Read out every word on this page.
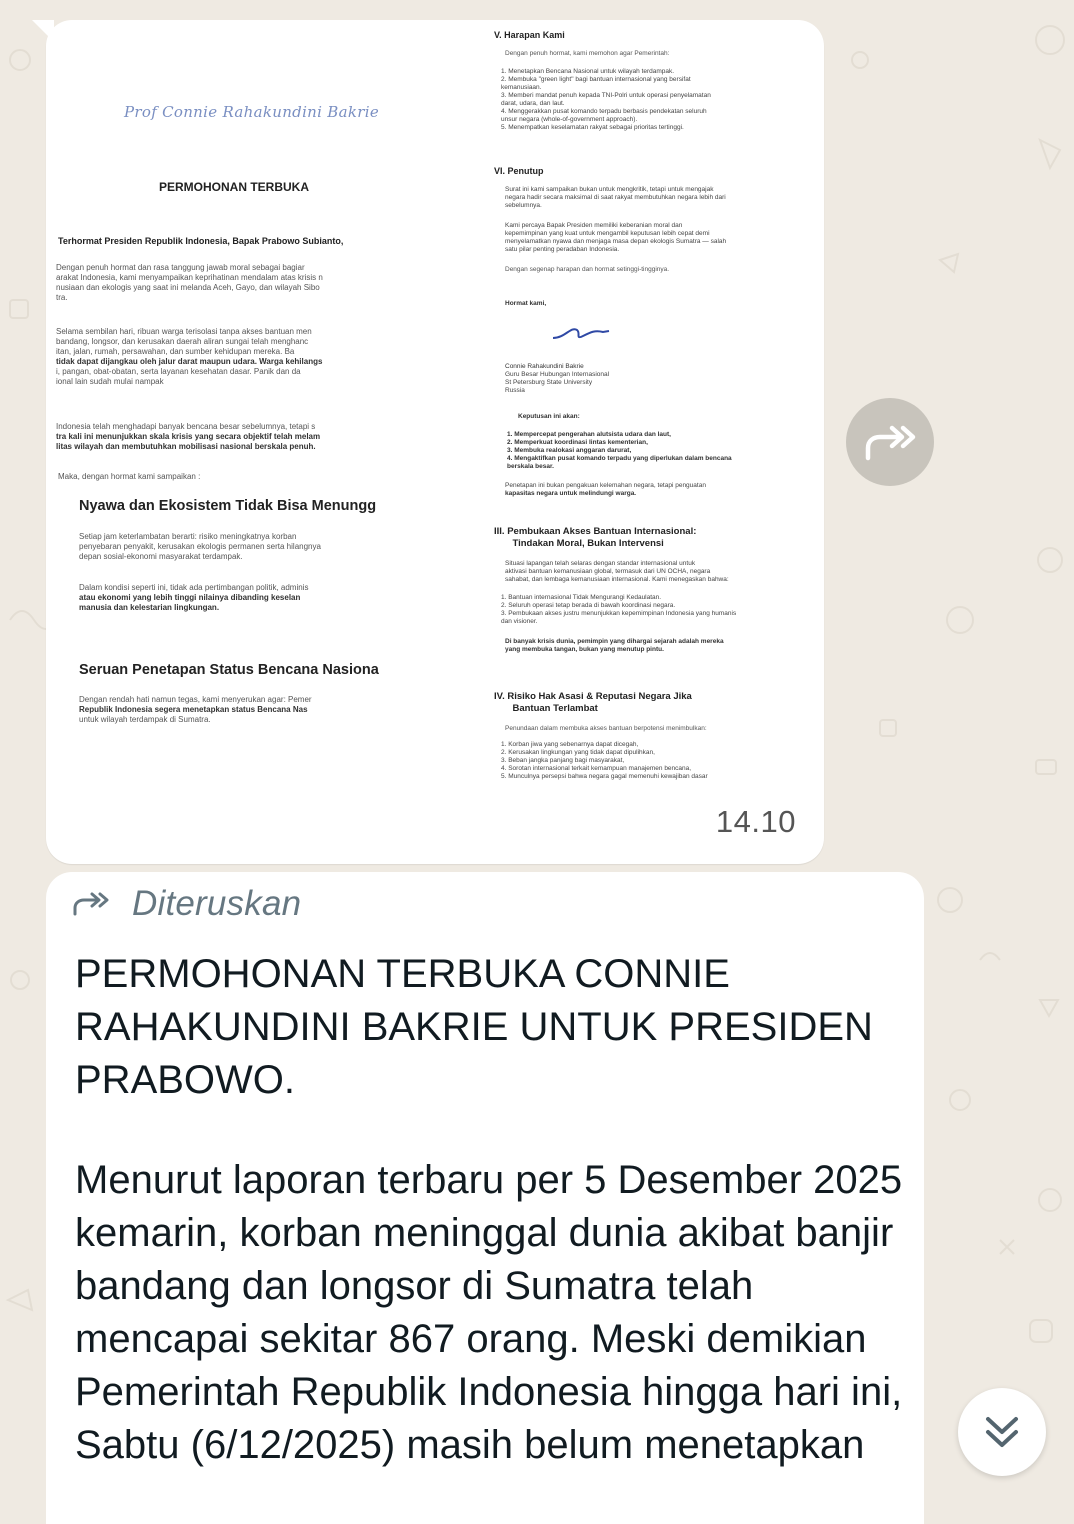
Prof Connie Rahakundini Bakrie
PERMOHONAN TERBUKA
Terhormat Presiden Republik Indonesia, Bapak Prabowo Subianto,
Dengan penuh hormat dan rasa tanggung jawab moral sebagai bagiar
arakat Indonesia, kami menyampaikan keprihatinan mendalam atas krisis n
nusiaan dan ekologis yang saat ini melanda Aceh, Gayo, dan wilayah Sibo
tra.
Selama sembilan hari, ribuan warga terisolasi tanpa akses bantuan men
bandang, longsor, dan kerusakan daerah aliran sungai telah menghanc
itan, jalan, rumah, persawahan, dan sumber kehidupan mereka. Ba
tidak dapat dijangkau oleh jalur darat maupun udara. Warga kehilangs
i, pangan, obat-obatan, serta layanan kesehatan dasar. Panik dan da
ional lain sudah mulai nampak
Indonesia telah menghadapi banyak bencana besar sebelumnya, tetapi s
tra kali ini menunjukkan skala krisis yang secara objektif telah melam
litas wilayah dan membutuhkan mobilisasi nasional berskala penuh.
Maka, dengan hormat kami sampaikan :
Nyawa dan Ekosistem Tidak Bisa Menungg
Setiap jam keterlambatan berarti: risiko meningkatnya korban
penyebaran penyakit, kerusakan ekologis permanen serta hilangnya
depan sosial-ekonomi masyarakat terdampak.
Dalam kondisi seperti ini, tidak ada pertimbangan politik, adminis
atau ekonomi yang lebih tinggi nilainya dibanding keselan
manusia dan kelestarian lingkungan.
Seruan Penetapan Status Bencana Nasiona
Dengan rendah hati namun tegas, kami menyerukan agar: Pemer
Republik Indonesia segera menetapkan status Bencana Nas
untuk wilayah terdampak di Sumatra.
V. Harapan Kami
Dengan penuh hormat, kami memohon agar Pemerintah:
1. Menetapkan Bencana Nasional untuk wilayah terdampak.
2. Membuka "green light" bagi bantuan internasional yang bersifat
kemanusiaan.
3. Memberi mandat penuh kepada TNI-Polri untuk operasi penyelamatan
darat, udara, dan laut.
4. Menggerakkan pusat komando terpadu berbasis pendekatan seluruh
unsur negara (whole-of-government approach).
5. Menempatkan keselamatan rakyat sebagai prioritas tertinggi.
VI. Penutup
Surat ini kami sampaikan bukan untuk mengkritik, tetapi untuk mengajak
negara hadir secara maksimal di saat rakyat membutuhkan negara lebih dari
sebelumnya.
Kami percaya Bapak Presiden memiliki keberanian moral dan
kepemimpinan yang kuat untuk mengambil keputusan lebih cepat demi
menyelamatkan nyawa dan menjaga masa depan ekologis Sumatra — salah
satu pilar penting peradaban Indonesia.
Dengan segenap harapan dan hormat setinggi-tingginya.
Hormat kami,
Connie Rahakundini Bakrie
Guru Besar Hubungan Internasional
St Petersburg State University
Russia
Keputusan ini akan:
1. Mempercepat pengerahan alutsista udara dan laut,
2. Memperkuat koordinasi lintas kementerian,
3. Membuka realokasi anggaran darurat,
4. Mengaktifkan pusat komando terpadu yang diperlukan dalam bencana
berskala besar.
Penetapan ini bukan pengakuan kelemahan negara, tetapi penguatan
kapasitas negara untuk melindungi warga.
III. Pembukaan Akses Bantuan Internasional:
Tindakan Moral, Bukan Intervensi
Situasi lapangan telah selaras dengan standar internasional untuk
aktivasi bantuan kemanusiaan global, termasuk dari UN OCHA, negara
sahabat, dan lembaga kemanusiaan internasional. Kami menegaskan bahwa:
1. Bantuan internasional Tidak Mengurangi Kedaulatan.
2. Seluruh operasi tetap berada di bawah koordinasi negara.
3. Pembukaan akses justru menunjukkan kepemimpinan Indonesia yang humanis
dan visioner.
Di banyak krisis dunia, pemimpin yang dihargai sejarah adalah mereka
yang membuka tangan, bukan yang menutup pintu.
IV. Risiko Hak Asasi & Reputasi Negara Jika
Bantuan Terlambat
Penundaan dalam membuka akses bantuan berpotensi menimbulkan:
1. Korban jiwa yang sebenarnya dapat dicegah,
2. Kerusakan lingkungan yang tidak dapat dipulihkan,
3. Beban jangka panjang bagi masyarakat,
4. Sorotan internasional terkait kemampuan manajemen bencana,
5. Munculnya persepsi bahwa negara gagal memenuhi kewajiban dasar
14.10
Diteruskan
PERMOHONAN TERBUKA CONNIE RAHAKUNDINI BAKRIE UNTUK PRESIDEN PRABOWO.
Menurut laporan terbaru per 5 Desember 2025 kemarin, korban meninggal dunia akibat banjir bandang dan longsor di Sumatra telah mencapai sekitar 867 orang. Meski demikian Pemerintah Republik Indonesia hingga hari ini, Sabtu (6/12/2025) masih belum menetapkan
